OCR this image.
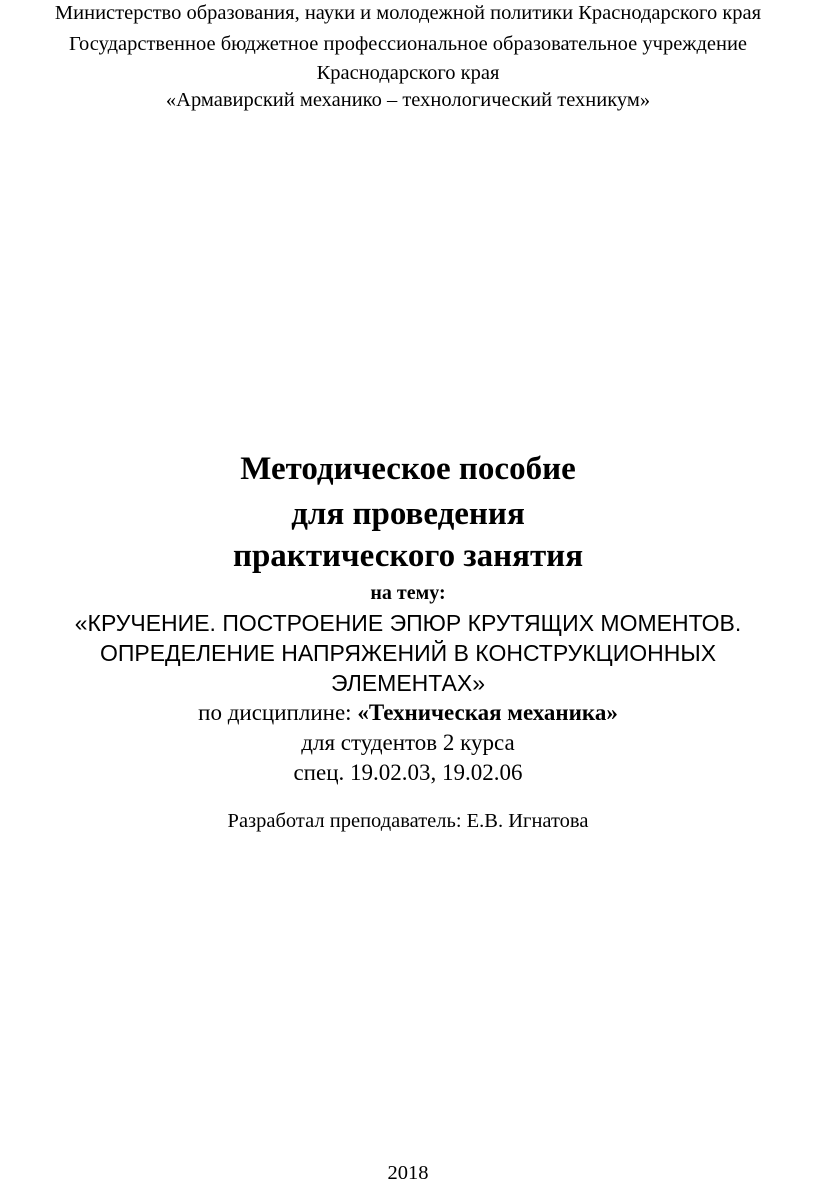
Министерство образования, науки и молодежной политики Краснодарского края
Государственное бюджетное профессиональное образовательное учреждение
Краснодарского края
«Армавирский механико – технологический техникум»
Методическое пособие
для проведения
практического занятия
на тему:
«КРУЧЕНИЕ. ПОСТРОЕНИЕ ЭПЮР КРУТЯЩИХ МОМЕНТОВ.
ОПРЕДЕЛЕНИЕ НАПРЯЖЕНИЙ В КОНСТРУКЦИОННЫХ
ЭЛЕМЕНТАХ»
по дисциплине: «Техническая механика»
для студентов 2 курса
спец. 19.02.03, 19.02.06
Разработал преподаватель: Е.В. Игнатова
2018
